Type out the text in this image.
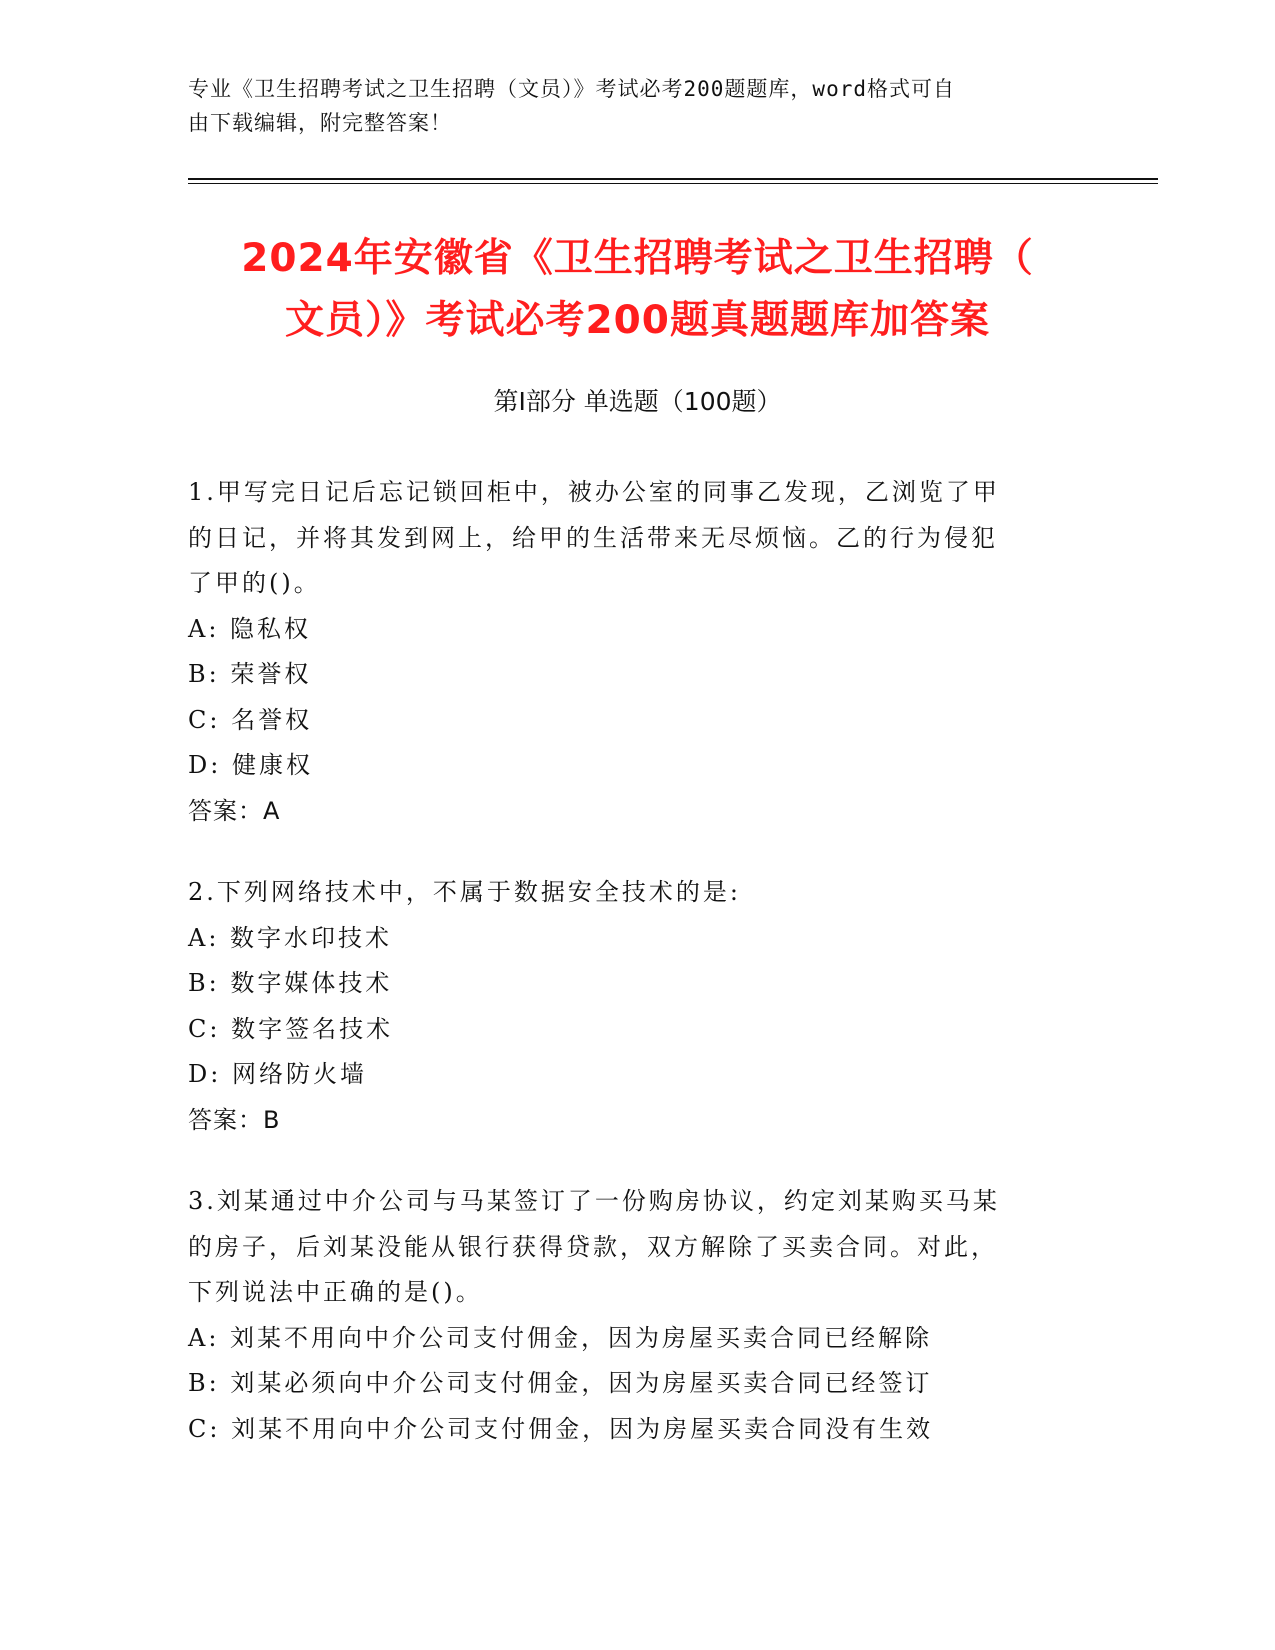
专业《卫生招聘考试之卫生招聘（文员）》考试必考200题题库，word格式可自
由下载编辑，附完整答案！
2024年安徽省《卫生招聘考试之卫生招聘（
文员）》考试必考200题真题题库加答案
第I部分 单选题（100题）
1.甲写完日记后忘记锁回柜中，被办公室的同事乙发现，乙浏览了甲
的日记，并将其发到网上，给甲的生活带来无尽烦恼。乙的行为侵犯
了甲的()。
A: 隐私权
B: 荣誉权
C: 名誉权
D: 健康权
答案：A
2.下列网络技术中，不属于数据安全技术的是:
A: 数字水印技术
B: 数字媒体技术
C: 数字签名技术
D: 网络防火墙
答案：B
3.刘某通过中介公司与马某签订了一份购房协议，约定刘某购买马某
的房子，后刘某没能从银行获得贷款，双方解除了买卖合同。对此，
下列说法中正确的是()。
A: 刘某不用向中介公司支付佣金，因为房屋买卖合同已经解除
B: 刘某必须向中介公司支付佣金，因为房屋买卖合同已经签订
C: 刘某不用向中介公司支付佣金，因为房屋买卖合同没有生效
